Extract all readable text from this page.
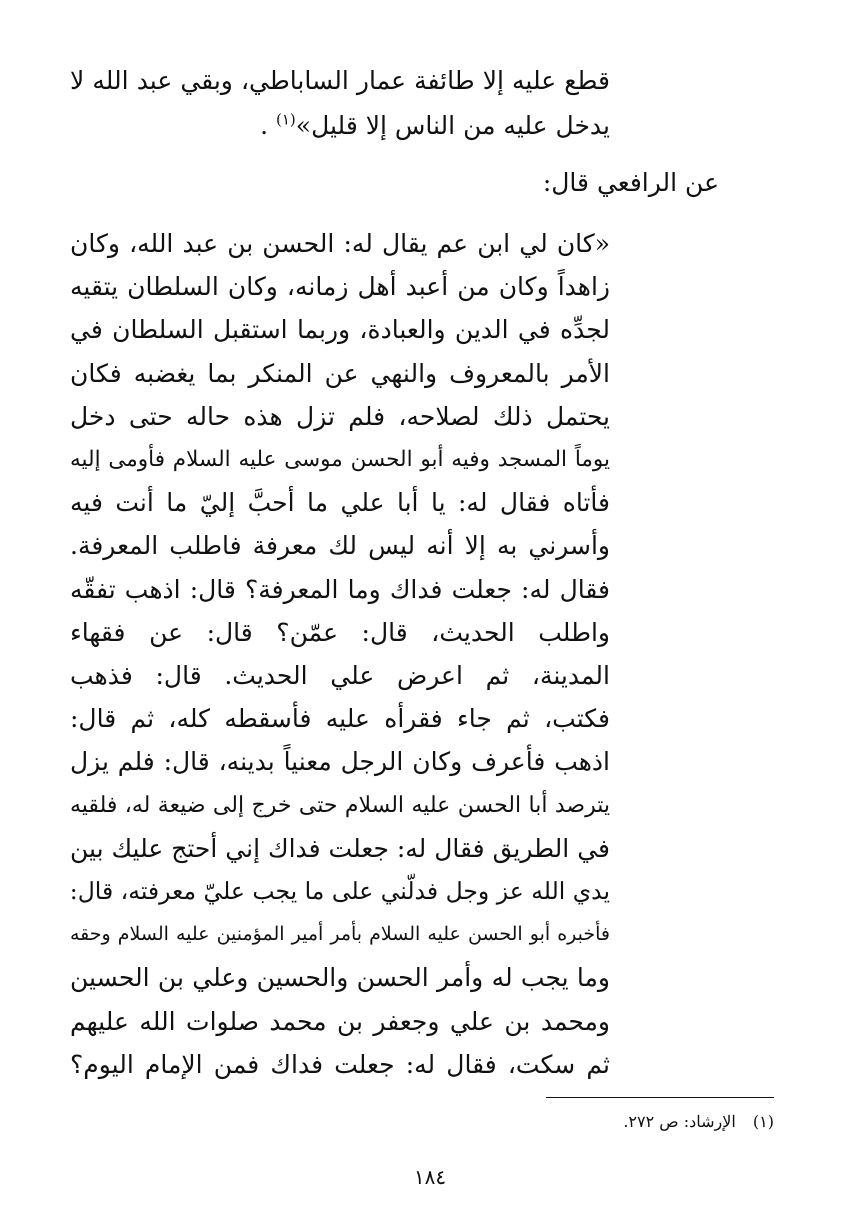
قطع عليه إلا طائفة عمار الساباطي، وبقي عبد الله لا
يدخل عليه من الناس إلا قليل»$^{(١)}$ .
عن الرافعي قال:
«كان لي ابن عم يقال له: الحسن بن عبد الله، وكان
زاهداً وكان من أعبد أهل زمانه، وكان السلطان يتقيه
لجدِّه في الدين والعبادة، وربما استقبل السلطان في
الأمر بالمعروف والنهي عن المنكر بما يغضبه فكان
يحتمل ذلك لصلاحه، فلم تزل هذه حاله حتى دخل
يوماً المسجد وفيه أبو الحسن موسى عليه السلام فأومى إليه
فأتاه فقال له: يا أبا علي ما أحبَّ إليّ ما أنت فيه
وأسرني به إلا أنه ليس لك معرفة فاطلب المعرفة.
فقال له: جعلت فداك وما المعرفة؟ قال: اذهب تفقّه
واطلب الحديث، قال: عمّن؟ قال: عن فقهاء
المدينة، ثم اعرض علي الحديث. قال: فذهب
فكتب، ثم جاء فقرأه عليه فأسقطه كله، ثم قال:
اذهب فأعرف وكان الرجل معنياً بدينه، قال: فلم يزل
يترصد أبا الحسن عليه السلام حتى خرج إلى ضيعة له، فلقيه
في الطريق فقال له: جعلت فداك إني أحتج عليك بين
يدي الله عز وجل فدلّني على ما يجب عليّ معرفته، قال:
فأخبره أبو الحسن عليه السلام بأمر أمير المؤمنين عليه السلام وحقه
وما يجب له وأمر الحسن والحسين وعلي بن الحسين
ومحمد بن علي وجعفر بن محمد صلوات الله عليهم
ثم سكت، فقال له: جعلت فداك فمن الإمام اليوم؟
(١) الإرشاد: ص ٢٧٢.
١٨٤
